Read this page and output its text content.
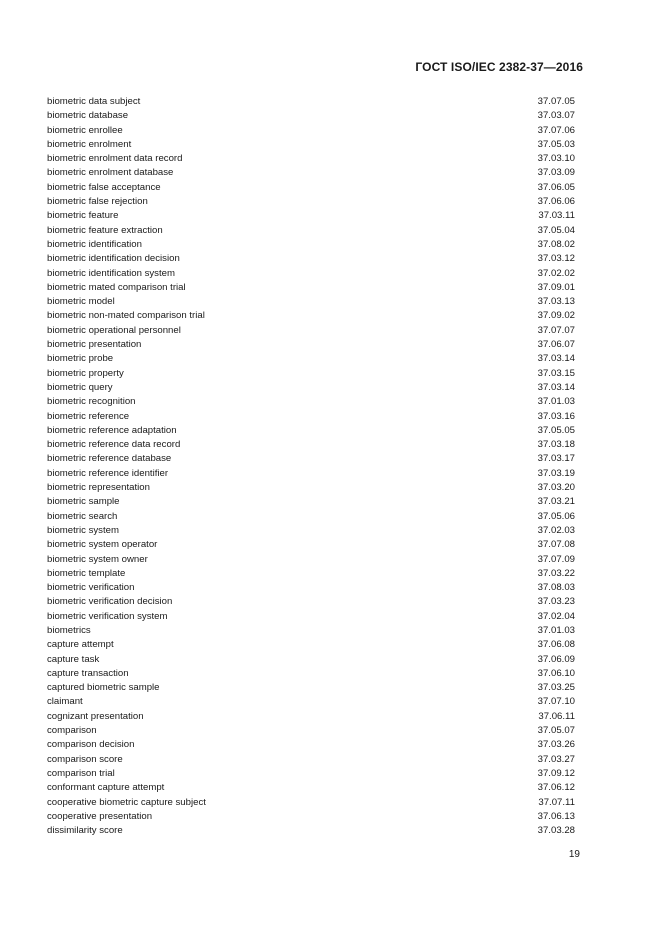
ГОСТ ISO/IEC 2382-37—2016
biometric data subject	37.07.05
biometric database	37.03.07
biometric enrollee	37.07.06
biometric enrolment	37.05.03
biometric enrolment data record	37.03.10
biometric enrolment database	37.03.09
biometric false acceptance	37.06.05
biometric false rejection	37.06.06
biometric feature	37.03.11
biometric feature extraction	37.05.04
biometric identification	37.08.02
biometric identification decision	37.03.12
biometric identification system	37.02.02
biometric mated comparison trial	37.09.01
biometric model	37.03.13
biometric non-mated comparison trial	37.09.02
biometric operational personnel	37.07.07
biometric presentation	37.06.07
biometric probe	37.03.14
biometric property	37.03.15
biometric query	37.03.14
biometric recognition	37.01.03
biometric reference	37.03.16
biometric reference adaptation	37.05.05
biometric reference data record	37.03.18
biometric reference database	37.03.17
biometric reference identifier	37.03.19
biometric representation	37.03.20
biometric sample	37.03.21
biometric search	37.05.06
biometric system	37.02.03
biometric system operator	37.07.08
biometric system owner	37.07.09
biometric template	37.03.22
biometric verification	37.08.03
biometric verification decision	37.03.23
biometric verification system	37.02.04
biometrics	37.01.03
capture attempt	37.06.08
capture task	37.06.09
capture transaction	37.06.10
captured biometric sample	37.03.25
claimant	37.07.10
cognizant presentation	37.06.11
comparison	37.05.07
comparison decision	37.03.26
comparison score	37.03.27
comparison trial	37.09.12
conformant capture attempt	37.06.12
cooperative biometric capture subject	37.07.11
cooperative presentation	37.06.13
dissimilarity score	37.03.28
19
